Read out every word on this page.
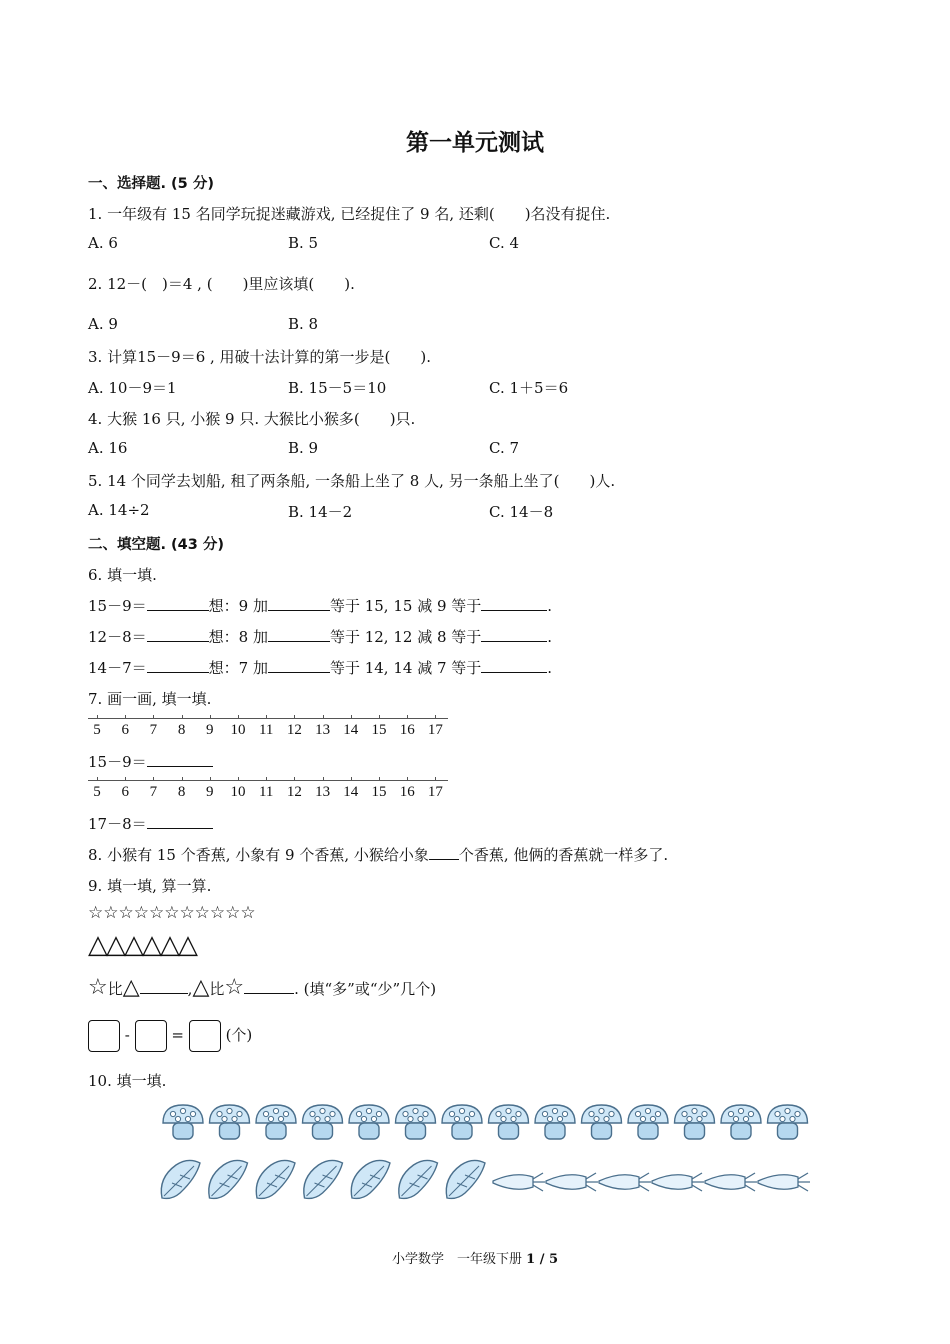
第一单元测试
一、选择题. (5 分)
1. 一年级有 15 名同学玩捉迷藏游戏, 已经捉住了 9 名, 还剩(　　)名没有捉住.
A. 6	B. 5	C. 4
2. 12－(　)＝4 , (　　)里应该填(　　).
A. 9	B. 8
3. 计算15－9＝6 , 用破十法计算的第一步是(　　).
A. 10－9＝1	B. 15－5＝10	C. 1＋5＝6
4. 大猴 16 只, 小猴 9 只. 大猴比小猴多(　　)只.
A. 16	B. 9	C. 7
5. 14 个同学去划船, 租了两条船, 一条船上坐了 8 人, 另一条船上坐了(　　)人.
A. 14÷2	B. 14－2	C. 14－8
二、填空题. (43 分)
6. 填一填.
15－9＝	想：9 加	等于 15, 15 减 9 等于	.
12－8＝	想：8 加	等于 12, 12 减 8 等于	.
14－7＝	想：7 加	等于 14, 14 减 7 等于	.
7. 画一画, 填一填.
5 6 7 8 9 10 11 12 13 14 15 16 17
15－9＝
5 6 7 8 9 10 11 12 13 14 15 16 17
17－8＝
8. 小猴有 15 个香蕉, 小象有 9 个香蕉, 小猴给小象 个香蕉, 他俩的香蕉就一样多了.
9. 填一填, 算一算.
☆☆☆☆☆☆☆☆☆☆☆
△△△△△△
☆比△	,△比☆	. (填“多”或“少”几个)
-	=	(个)
10. 填一填.
小学数学　一年级下册 1 / 5
